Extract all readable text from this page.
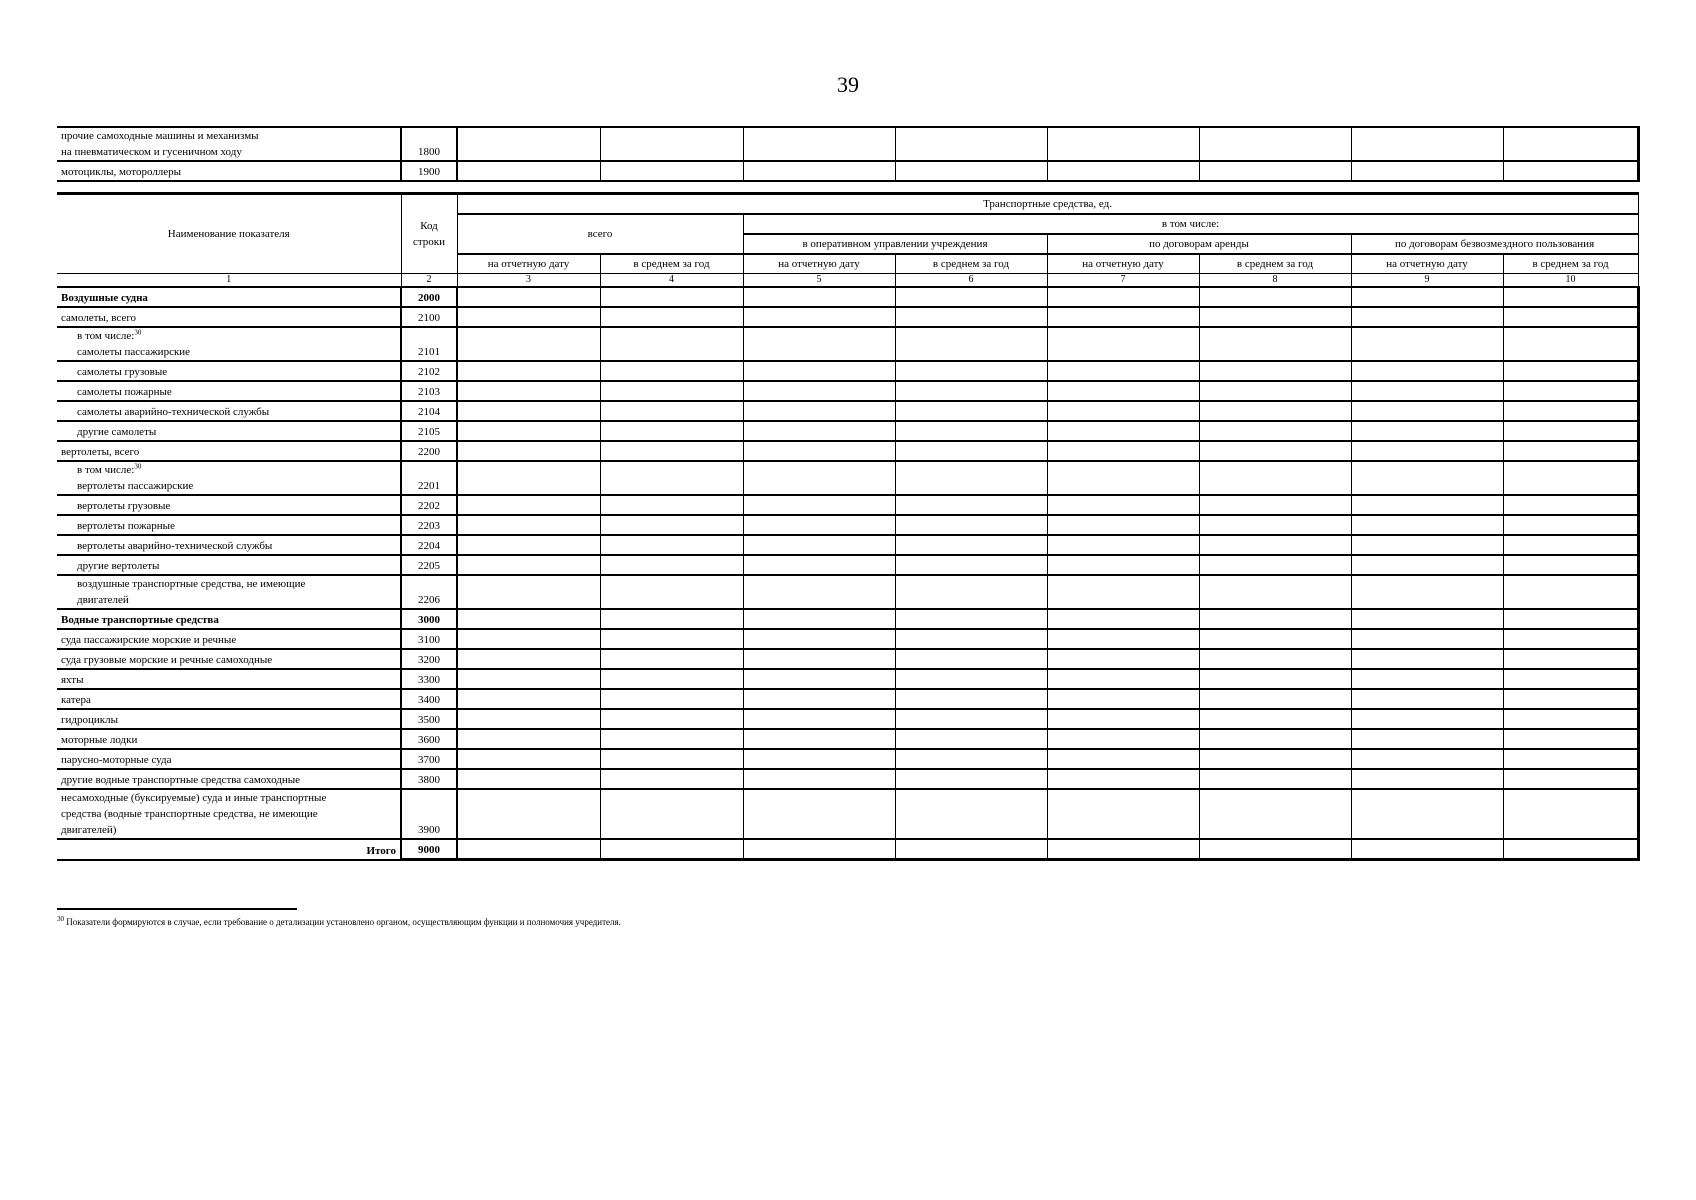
39
прочие самоходные машины и механизмы
на пневматическом и гусеничном ходу	1800								
мотоциклы, мотороллеры	1900								
Наименование показателя	Код строки	Транспортные средства, ед.							
		всего		в том числе:					
				в оперативном управлении учреждения		по договорам аренды		по договорам безвозмездного пользования	
		на отчетную дату	в среднем за год	на отчетную дату	в среднем за год	на отчетную дату	в среднем за год	на отчетную дату	в среднем за год
1	2	3	4	5	6	7	8	9	10
Воздушные судна	2000								
самолеты, всего	2100								

в том числе:$^{30}$
самолеты пассажирские	2101								
самолеты грузовые	2102								
самолеты пожарные	2103								
самолеты аварийно-технической службы	2104								
другие самолеты	2105								
вертолеты, всего	2200								

в том числе:$^{30}$
вертолеты пассажирские	2201								
вертолеты грузовые	2202								
вертолеты пожарные	2203								
вертолеты аварийно-технической службы	2204								
другие вертолеты	2205								

воздушные транспортные средства, не имеющие
двигателей	2206								
Водные транспортные средства	3000								
суда пассажирские морские и речные	3100								
суда грузовые морские и речные самоходные	3200								
яхты	3300								
катера	3400								
гидроциклы	3500								
моторные лодки	3600								
парусно-моторные суда	3700								
другие водные транспортные средства самоходные	3800								

несамоходные (буксируемые) суда и иные транспортные
средства (водные транспортные средства, не имеющие
двигателей)	3900								
Итого	9000								
$^{30}$ Показатели формируются в случае, если требование о детализации установлено органом, осуществляющим функции и полномочия учредителя.
